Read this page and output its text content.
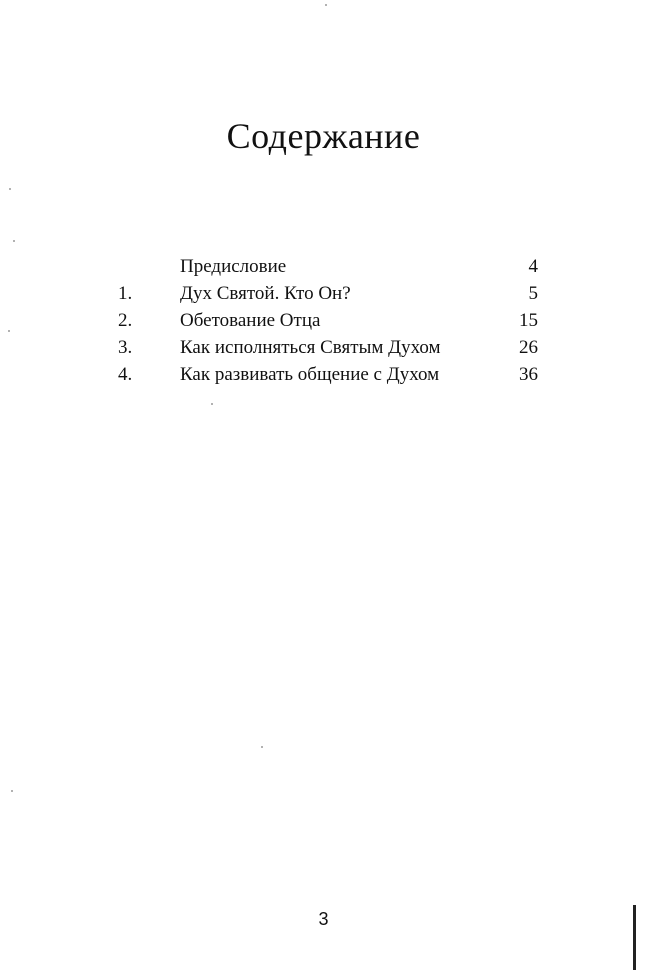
Содержание
Предисловие	4
1.	Дух Святой. Кто Он?	5
2.	Обетование Отца	15
3.	Как исполняться Святым Духом	26
4.	Как развивать общение с Духом	36
3
